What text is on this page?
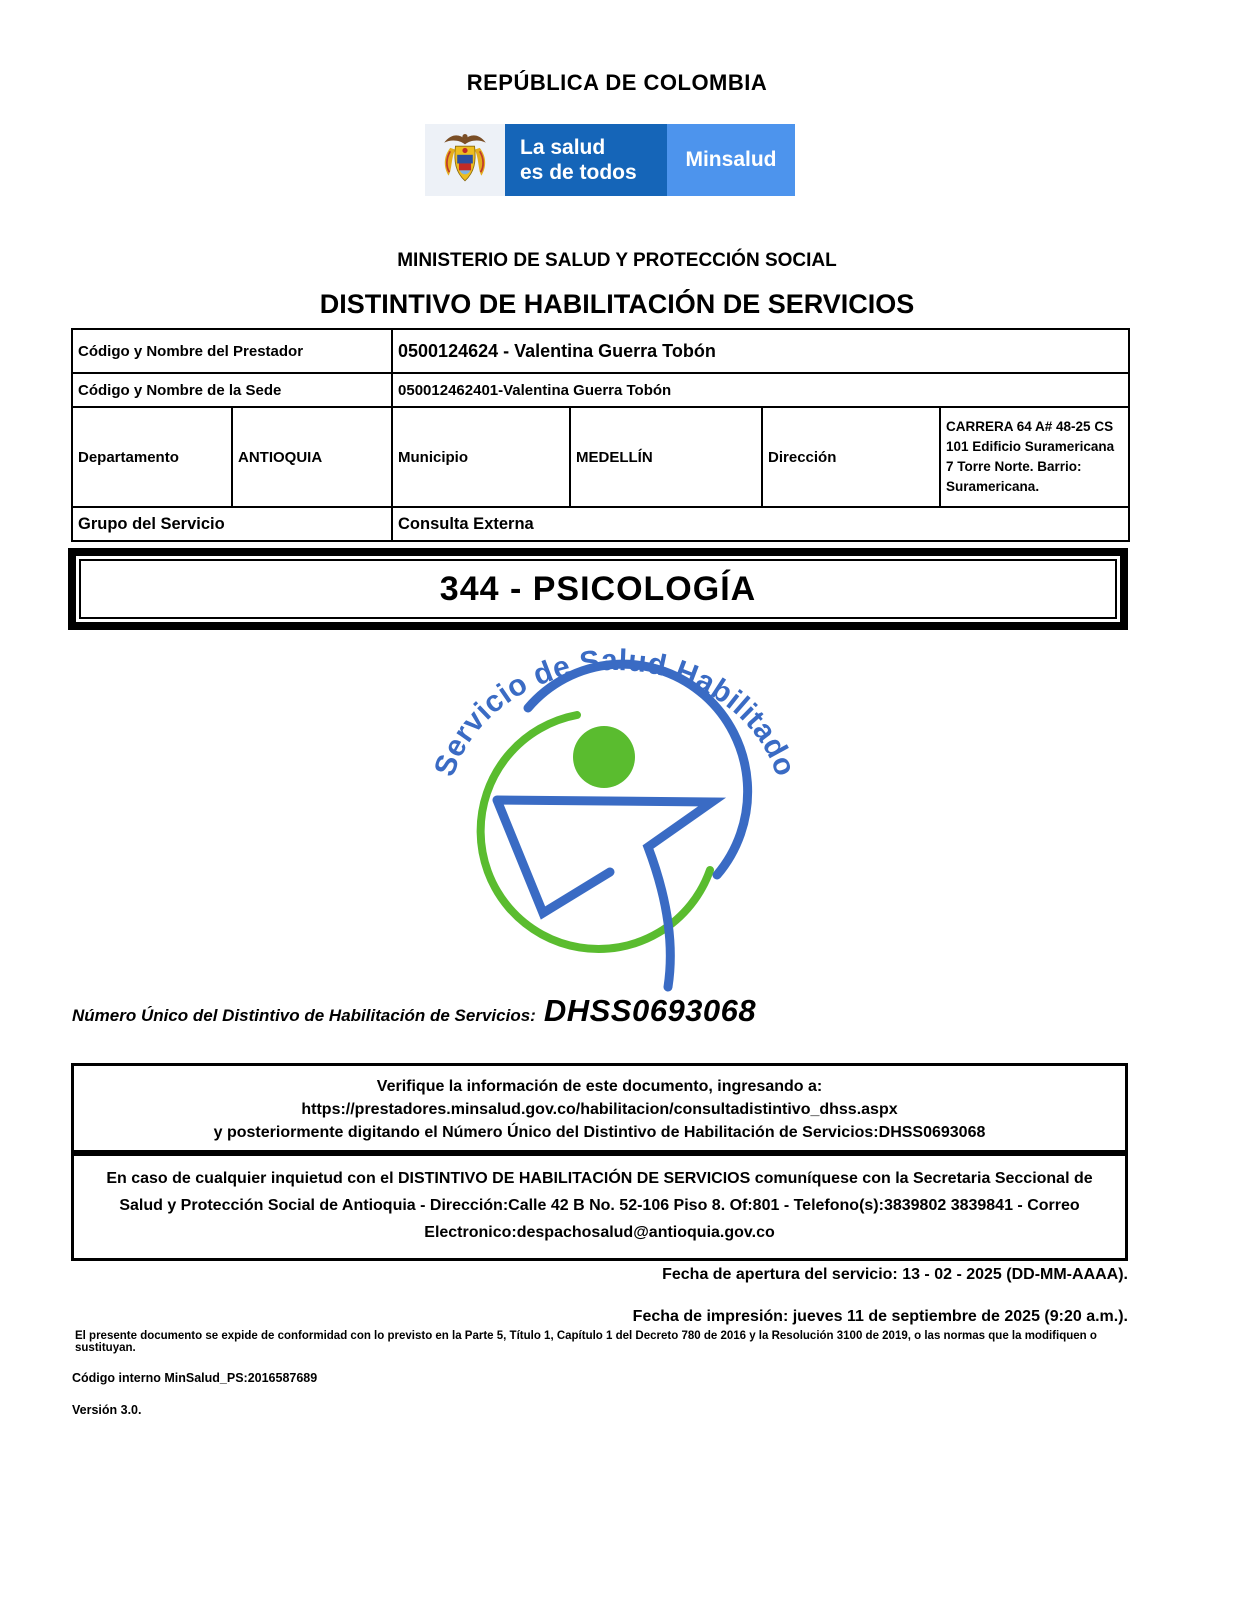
REPÚBLICA DE COLOMBIA
La salud
es de todos
Minsalud
MINISTERIO DE SALUD Y PROTECCIÓN SOCIAL
DISTINTIVO DE HABILITACIÓN DE SERVICIOS
Código y Nombre del Prestador		0500124624 - Valentina Guerra Tobón			
Código y Nombre de la Sede		050012462401-Valentina Guerra Tobón			
Departamento	ANTIOQUIA	Municipio	MEDELLÍN	Dirección	CARRERA 64 A# 48-25 CS 101 Edificio Suramericana 7 Torre Norte. Barrio: Suramericana.
Grupo del Servicio		Consulta Externa			
344 - PSICOLOGÍA
Servicio de Salud Habilitado
Número Único del Distintivo de Habilitación de Servicios: DHSS0693068
Verifique la información de este documento, ingresando a: https://prestadores.minsalud.gov.co/habilitacion/consultadistintivo_dhss.aspx
y posteriormente digitando el Número Único del Distintivo de Habilitación de Servicios:DHSS0693068
En caso de cualquier inquietud con el DISTINTIVO DE HABILITACIÓN DE SERVICIOS comuníquese con la Secretaria Seccional de Salud y Protección Social de Antioquia - Dirección:Calle 42 B No. 52-106 Piso 8. Of:801 - Telefono(s):3839802 3839841 - Correo Electronico:despachosalud@antioquia.gov.co
Fecha de apertura del servicio: 13 - 02 - 2025 (DD-MM-AAAA).
Fecha de impresión: jueves 11 de septiembre de 2025 (9:20 a.m.).
El presente documento se expide de conformidad con lo previsto en la Parte 5, Título 1, Capítulo 1 del Decreto 780 de 2016 y la Resolución 3100 de 2019, o las normas que la modifiquen o sustituyan.
Código interno MinSalud_PS:2016587689
Versión 3.0.
